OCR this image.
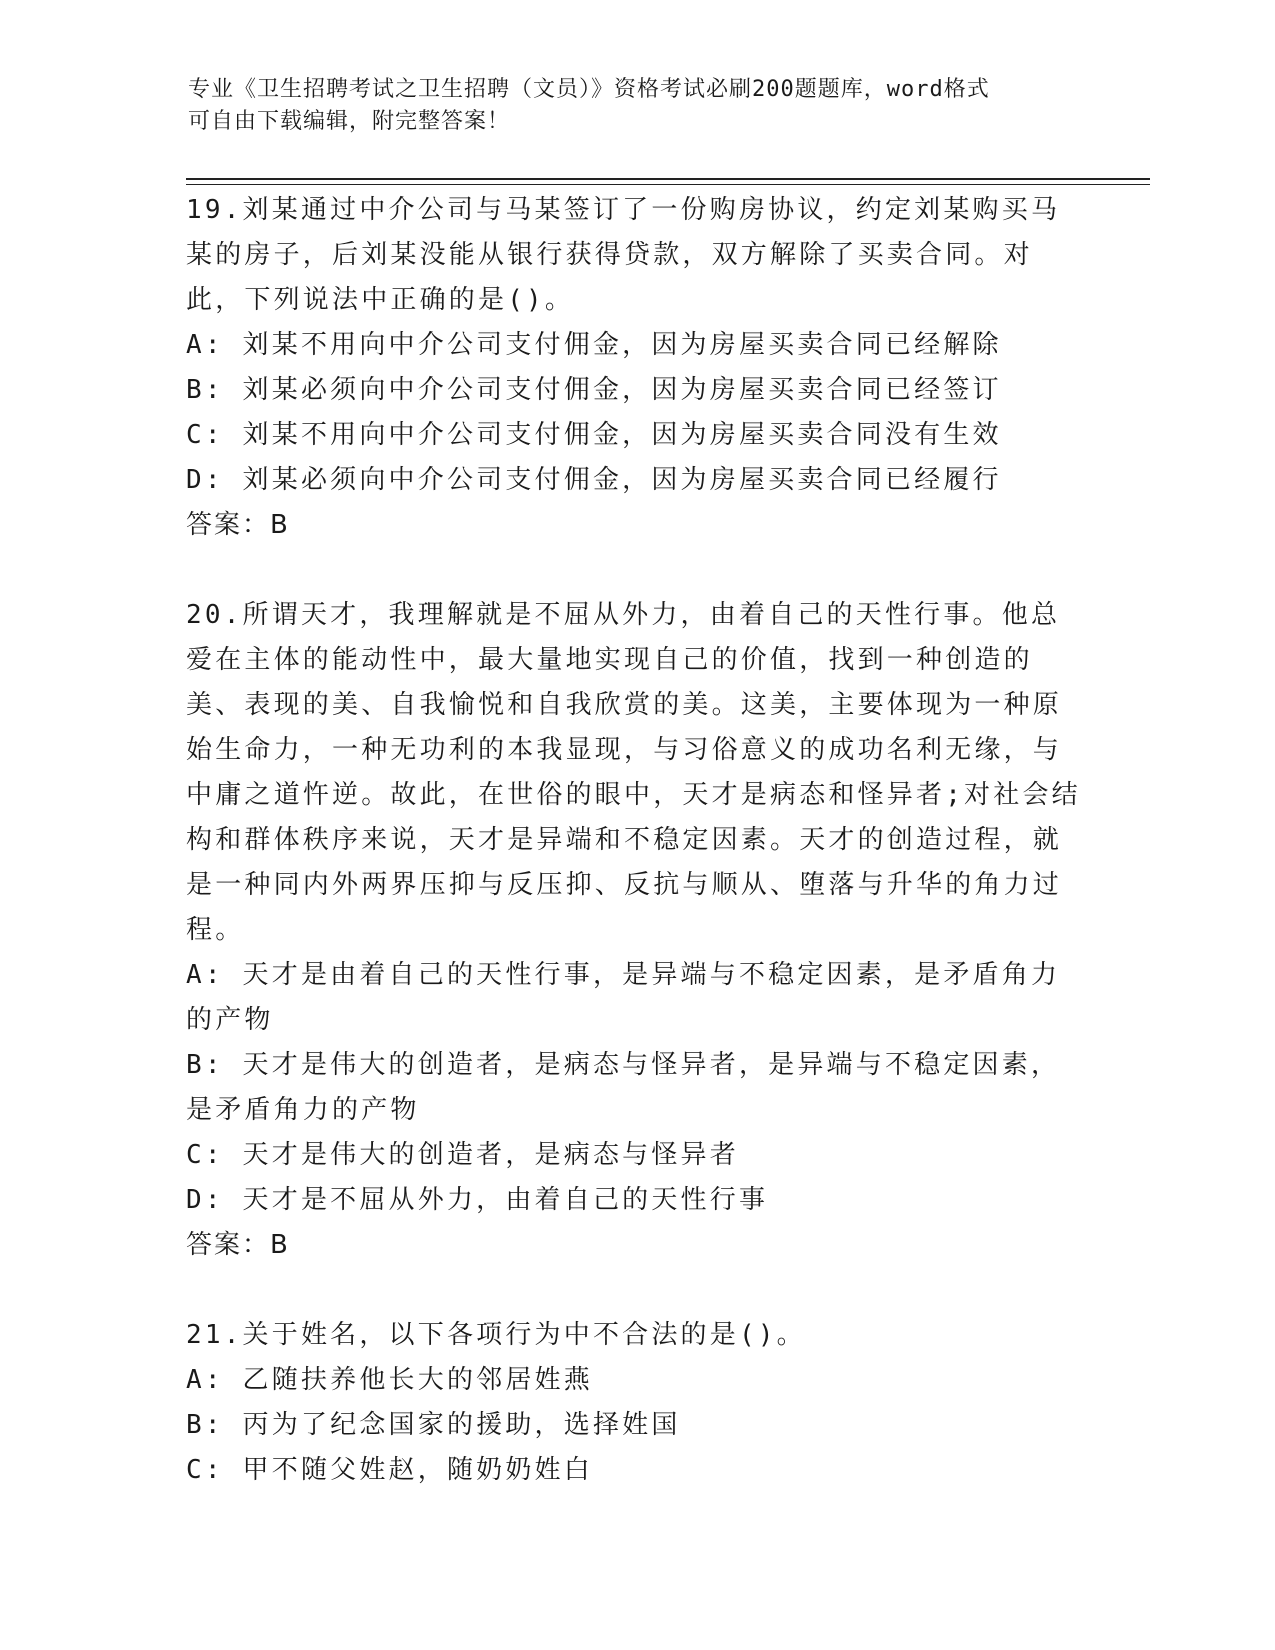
专业《卫生招聘考试之卫生招聘（文员）》资格考试必刷200题题库，word格式
可自由下载编辑，附完整答案！
19.刘某通过中介公司与马某签订了一份购房协议，约定刘某购买马某的房子，后刘某没能从银行获得贷款，双方解除了买卖合同。对此，下列说法中正确的是()。
A: 刘某不用向中介公司支付佣金，因为房屋买卖合同已经解除
B: 刘某必须向中介公司支付佣金，因为房屋买卖合同已经签订
C: 刘某不用向中介公司支付佣金，因为房屋买卖合同没有生效
D: 刘某必须向中介公司支付佣金，因为房屋买卖合同已经履行
答案：B
20.所谓天才，我理解就是不屈从外力，由着自己的天性行事。他总爱在主体的能动性中，最大量地实现自己的价值，找到一种创造的美、表现的美、自我愉悦和自我欣赏的美。这美，主要体现为一种原始生命力，一种无功利的本我显现，与习俗意义的成功名利无缘，与中庸之道忤逆。故此，在世俗的眼中，天才是病态和怪异者;对社会结构和群体秩序来说，天才是异端和不稳定因素。天才的创造过程，就是一种同内外两界压抑与反压抑、反抗与顺从、堕落与升华的角力过程。
A: 天才是由着自己的天性行事，是异端与不稳定因素，是矛盾角力的产物
B: 天才是伟大的创造者，是病态与怪异者，是异端与不稳定因素，是矛盾角力的产物
C: 天才是伟大的创造者，是病态与怪异者
D: 天才是不屈从外力，由着自己的天性行事
答案：B
21.关于姓名，以下各项行为中不合法的是()。
A: 乙随扶养他长大的邻居姓燕
B: 丙为了纪念国家的援助，选择姓国
C: 甲不随父姓赵，随奶奶姓白
